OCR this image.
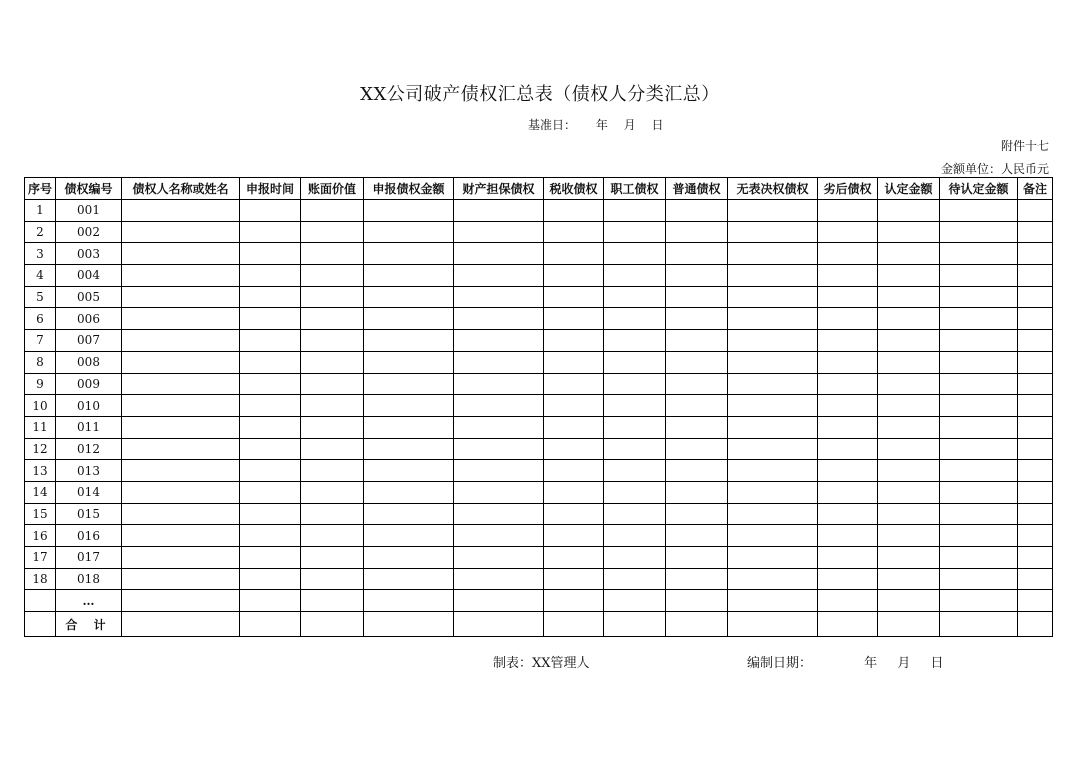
XX公司破产债权汇总表（债权人分类汇总）
基准日： 年 月 日
附件十七
金额单位：人民币元
序号	债权编号	债权人名称或姓名	申报时间	账面价值	申报债权金额	财产担保债权	税收债权	职工债权	普通债权	无表决权债权	劣后债权	认定金额	待认定金额	备注
1	001													
2	002													
3	003													
4	004													
5	005													
6	006													
7	007													
8	008													
9	009													
10	010													
11	011													
12	012													
13	013													
14	014													
15	015													
16	016													
17	017													
18	018													
	…													
	合 计													
制表：XX管理人	编制日期：	年 月 日
